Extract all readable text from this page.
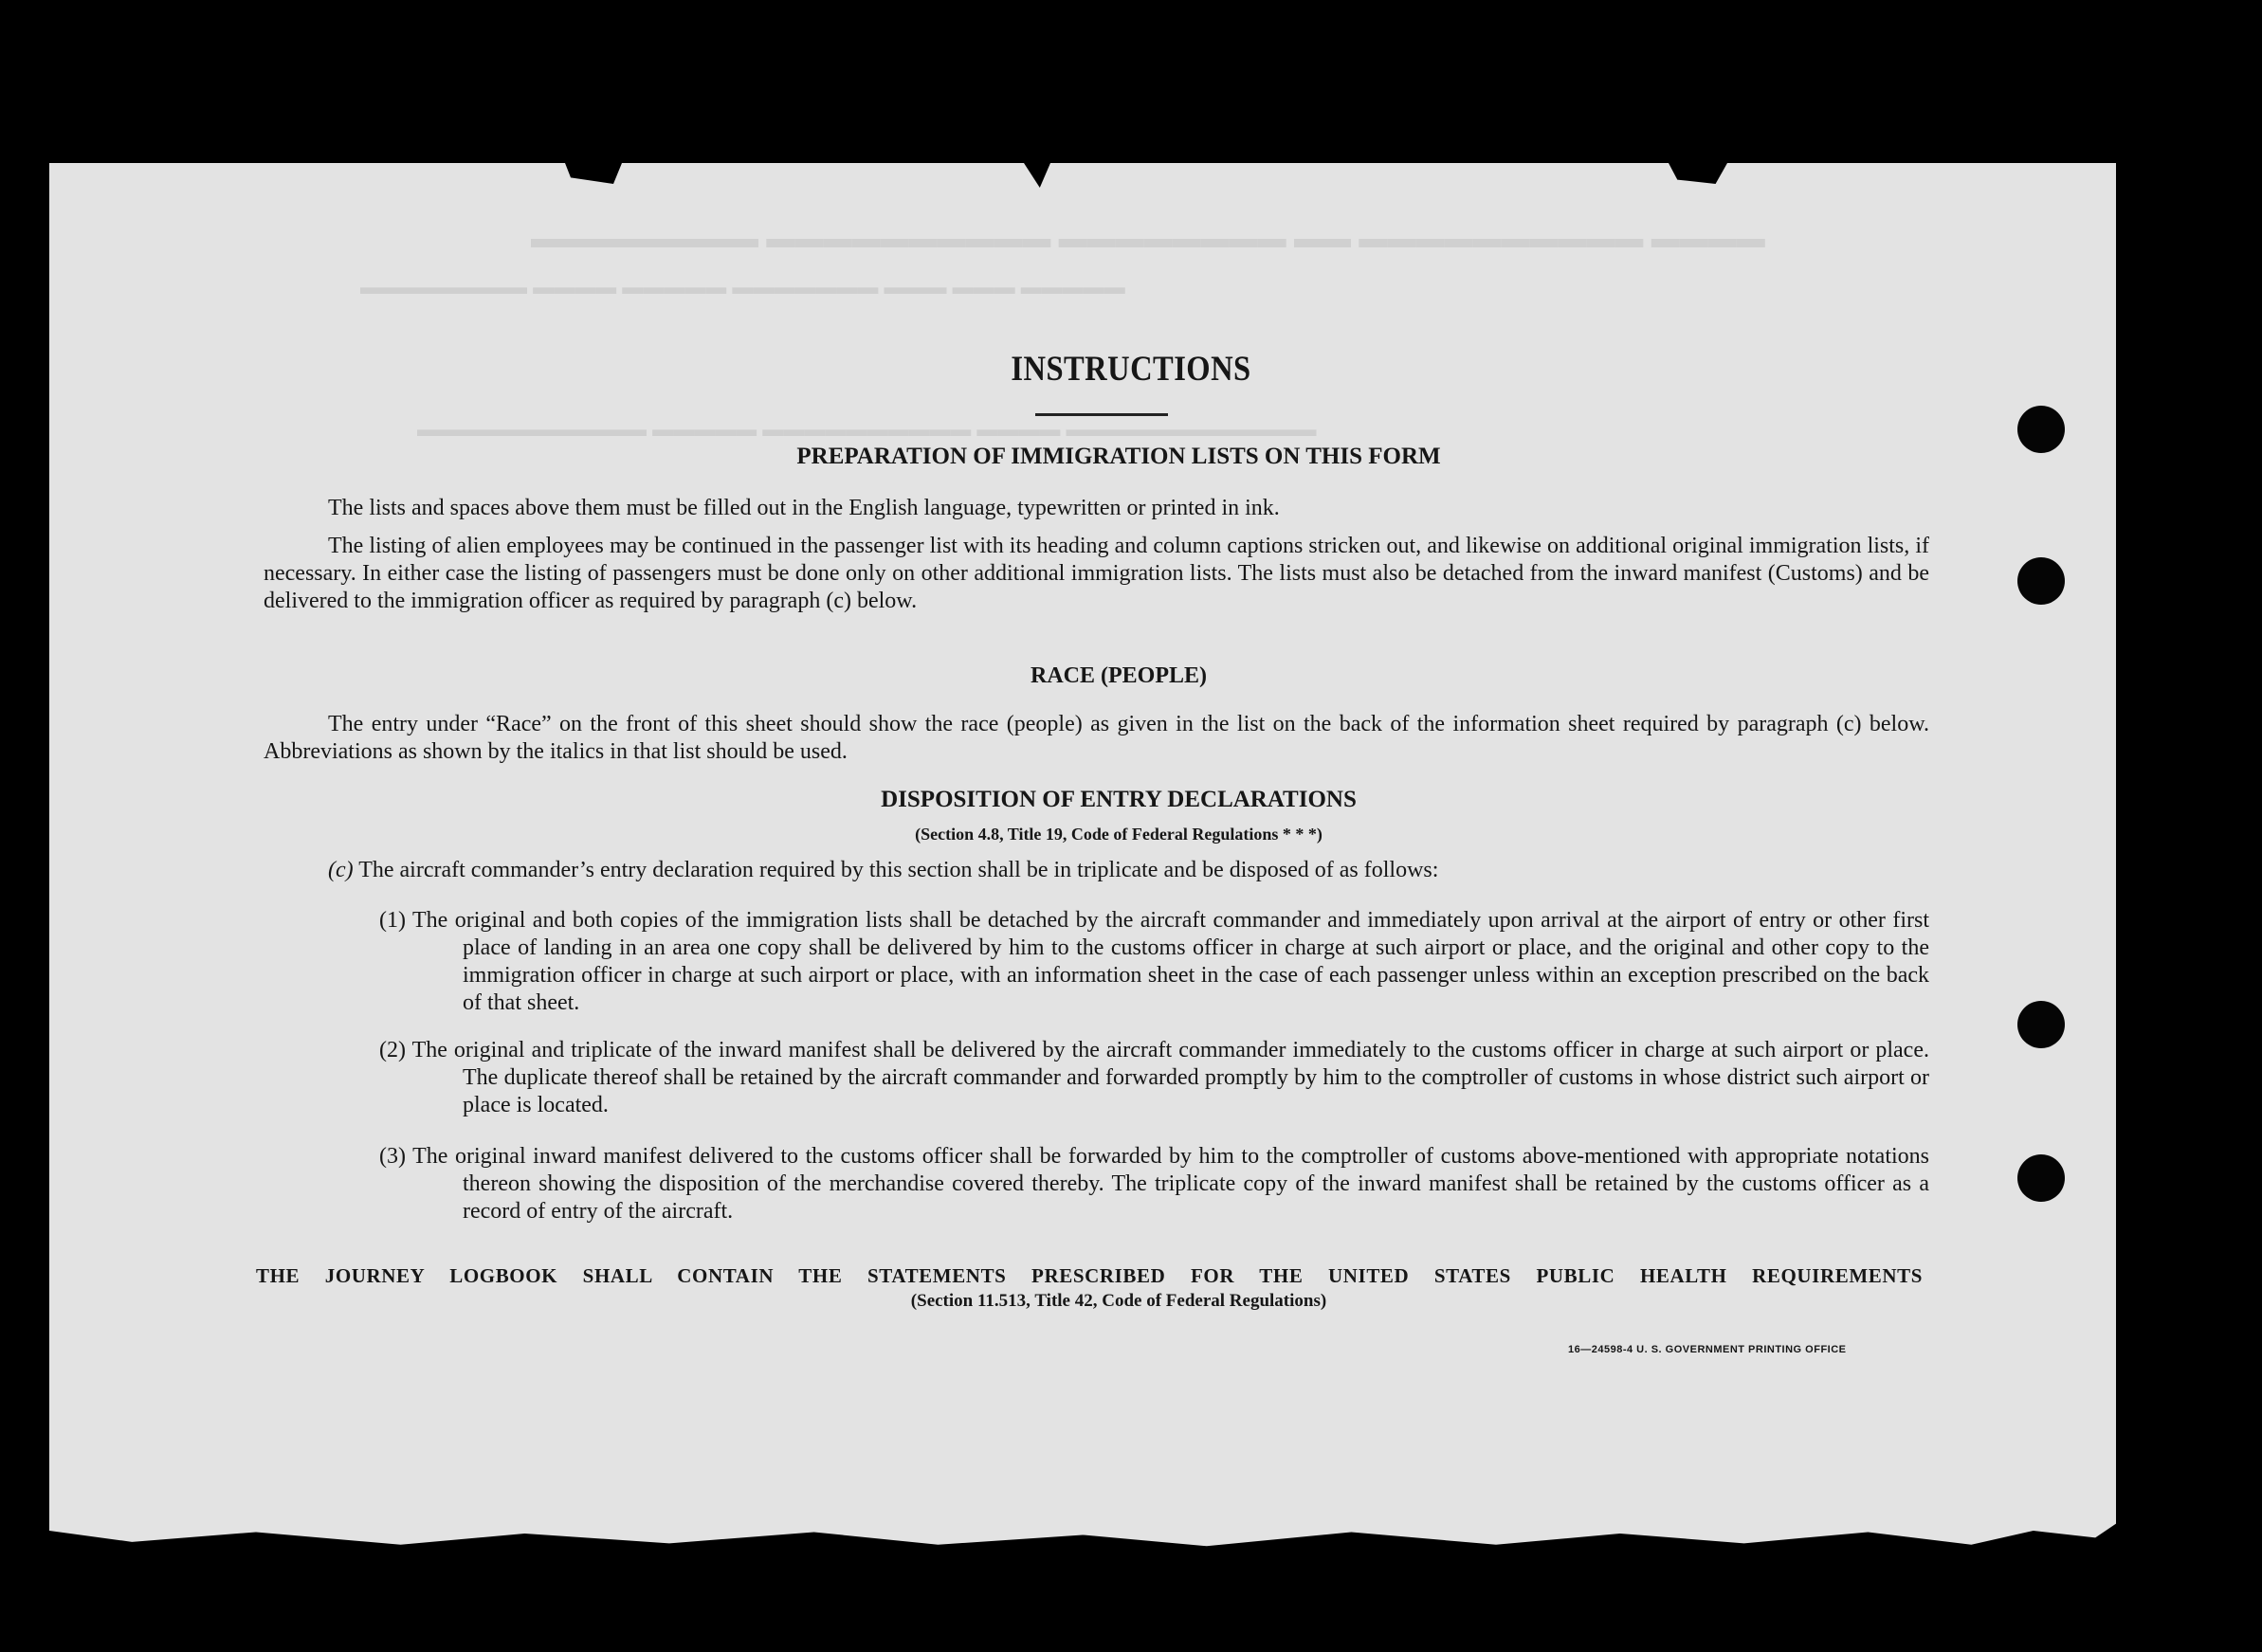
▬▬▬▬ ▬▬▬▬▬▬▬▬▬▬ ▬▬ ▬▬▬▬▬▬▬▬ ▬▬▬▬▬▬▬▬▬▬ ▬▬▬▬▬▬▬▬
▬▬▬▬▬ ▬▬▬ ▬▬▬ ▬▬▬▬▬▬▬ ▬▬▬▬▬ ▬▬▬▬ ▬▬▬▬▬▬▬▬
▬▬▬▬▬▬▬▬▬▬▬▬ ▬▬▬▬ ▬▬▬▬▬▬▬▬▬▬ ▬▬▬▬▬ ▬▬▬▬▬▬▬▬▬▬▬
INSTRUCTIONS
PREPARATION OF IMMIGRATION LISTS ON THIS FORM
The lists and spaces above them must be filled out in the English language, typewritten or printed in ink.
The listing of alien employees may be continued in the passenger list with its heading and column captions stricken out, and likewise on additional original immigration lists, if necessary. In either case the listing of passengers must be done only on other additional immigration lists. The lists must also be detached from the inward manifest (Customs) and be delivered to the immigration officer as required by paragraph (c) below.
RACE (PEOPLE)
The entry under “Race” on the front of this sheet should show the race (people) as given in the list on the back of the information sheet required by paragraph (c) below. Abbreviations as shown by the italics in that list should be used.
DISPOSITION OF ENTRY DECLARATIONS
(Section 4.8, Title 19, Code of Federal Regulations * * *)
(c) The aircraft commander’s entry declaration required by this section shall be in triplicate and be disposed of as follows:
(1) The original and both copies of the immigration lists shall be detached by the aircraft commander and immediately upon arrival at the airport of entry or other first place of landing in an area one copy shall be delivered by him to the customs officer in charge at such airport or place, and the original and other copy to the immigration officer in charge at such airport or place, with an information sheet in the case of each passenger unless within an exception prescribed on the back of that sheet.
(2) The original and triplicate of the inward manifest shall be delivered by the aircraft commander immediately to the customs officer in charge at such airport or place. The duplicate thereof shall be retained by the aircraft commander and forwarded promptly by him to the comptroller of customs in whose district such airport or place is located.
(3) The original inward manifest delivered to the customs officer shall be forwarded by him to the comptroller of customs above-mentioned with appropriate notations thereon showing the disposition of the merchandise covered thereby. The triplicate copy of the inward manifest shall be retained by the customs officer as a record of entry of the aircraft.
THE JOURNEY LOGBOOK SHALL CONTAIN THE STATEMENTS PRESCRIBED FOR THE UNITED STATES PUBLIC HEALTH REQUIREMENTS
(Section 11.513, Title 42, Code of Federal Regulations)
16—24598-4 U. S. GOVERNMENT PRINTING OFFICE
